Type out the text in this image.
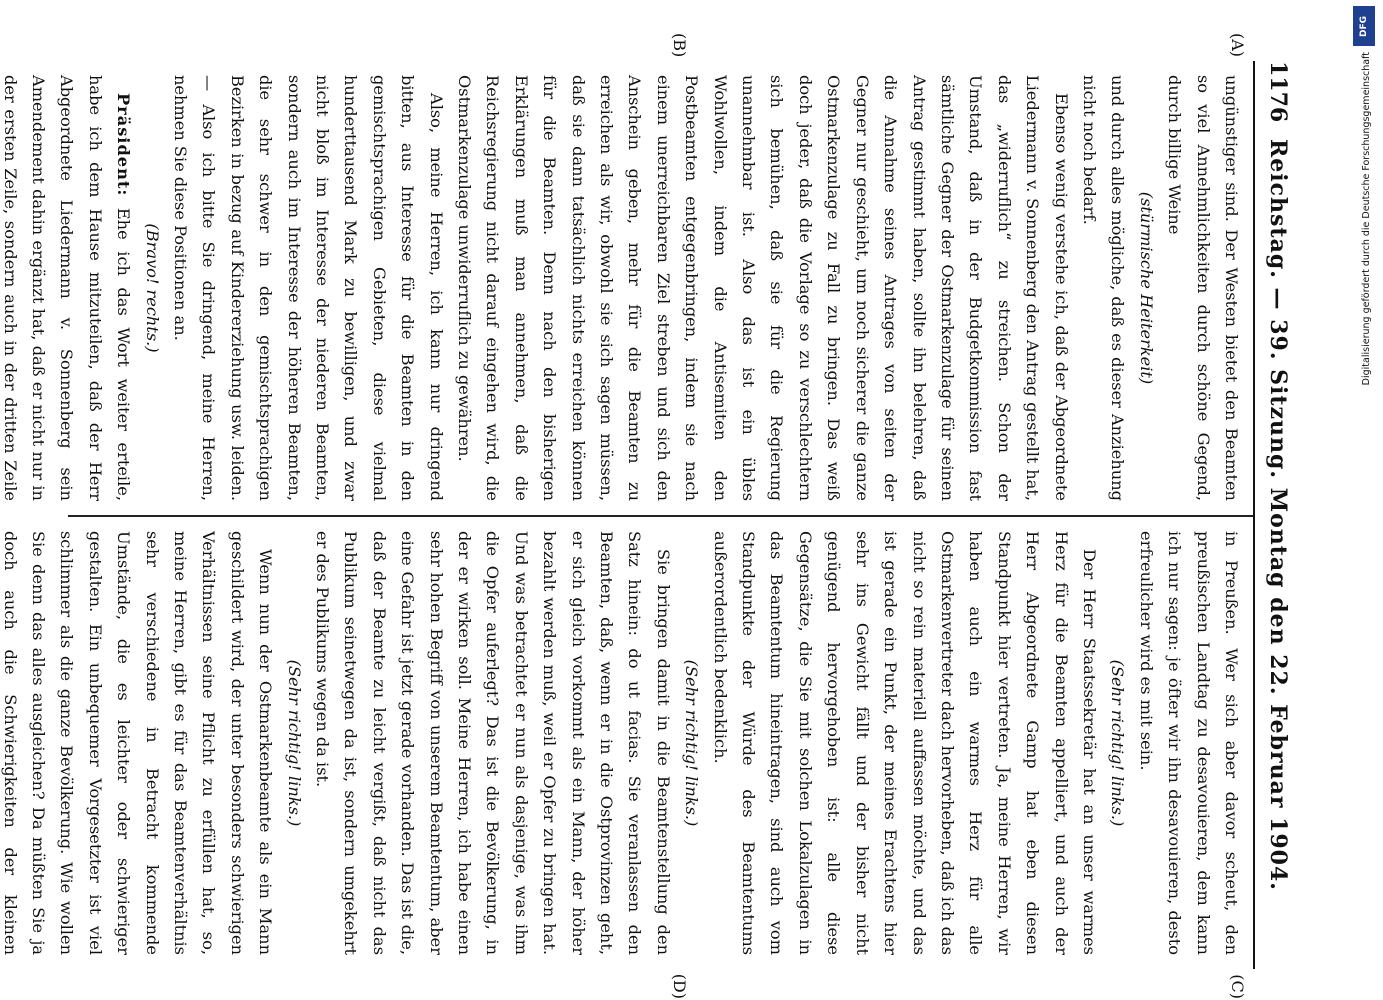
1176
Reichstag. — 39. Sitzung. Montag den 22. Februar 1904.
(A)
(B)

ungünstiger sind. Der Westen bietet den Beamten so viel Annehmlichkeiten durch schöne Gegend, durch billige Weine

(stürmische Heiterkeit)

und durch alles mögliche, daß es dieser Anziehung nicht noch bedarf.

Ebenso wenig verstehe ich, daß der Abgeordnete Liedermann v. Sonnenberg den Antrag gestellt hat, das „widerruflich“ zu streichen. Schon der Umstand, daß in der Budgetkommission fast sämtliche Gegner der Ostmarkenzulage für seinen Antrag gestimmt haben, sollte ihn belehren, daß die Annahme seines Antrages von seiten der Gegner nur geschieht, um noch sicherer die ganze Ostmarkenzulage zu Fall zu bringen. Das weiß doch jeder, daß die Vorlage so zu verschlechtern sich bemühen, daß sie für die Regierung unannehmbar ist. Also das ist ein übles Wohlwollen, indem die Antisemiten den Postbeamten entgegenbringen, indem sie nach einem unerreichbaren Ziel streben und sich den Anschein geben, mehr für die Beamten zu erreichen als wir, obwohl sie sich sagen müssen, daß sie dann tatsächlich nichts erreichen können für die Beamten. Denn nach den bisherigen Erklärungen muß man annehmen, daß die Reichsregierung nicht darauf eingehen wird, die Ostmarkenzulage unwiderruflich zu gewähren.

Also, meine Herren, ich kann nur dringend bitten, aus Interesse für die Beamten in den gemischtsprachigen Gebieten, diese vielmal hunderttausend Mark zu bewilligen, und zwar nicht bloß im Interesse der niederen Beamten, sondern auch im Interesse der höheren Beamten, die sehr schwer in den gemischtsprachigen Bezirken in bezug auf Kindererziehung usw. leiden. — Also ich bitte Sie dringend, meine Herren, nehmen Sie diese Positionen an.

(Bravo! rechts.)

Präsident: Ehe ich das Wort weiter erteile, habe ich dem Hause mitzuteilen, daß der Herr Abgeordnete Liedermann v. Sonnenberg sein Amendement dahin ergänzt hat, daß er nicht nur in der ersten Zeile, sondern auch in der dritten Zeile

(C)
(D)

in Preußen. Wer sich aber davor scheut, den preußischen Landtag zu desavouieren, dem kann ich nur sagen: je öfter wir ihn desavouieren, desto erfreulicher wird es mit sein.

(Sehr richtig! links.)

Der Herr Staatssekretär hat an unser warmes Herz für die Beamten appelliert, und auch der Herr Abgeordnete Gamp hat eben diesen Standpunkt hier vertreten. Ja, meine Herren, wir haben auch ein warmes Herz für alle Ostmarkenvertreter dach hervorheben, daß ich das nicht so rein materiell auffassen möchte, und das ist gerade ein Punkt, der meines Erachtens hier sehr ins Gewicht fällt und der bisher nicht genügend hervorgehoben ist: alle diese Gegensätze, die Sie mit solchen Lokalzulagen in das Beamtentum hineintragen, sind auch vom Standpunkte der Würde des Beamtentums außerordentlich bedenklich.

(Sehr richtig! links.)

Sie bringen damit in die Beamtenstellung den Satz hinein: do ut facias. Sie veranlassen den Beamten, daß, wenn er in die Ostprovinzen geht, er sich gleich vorkommt als ein Mann, der höher bezahlt werden muß, weil er Opfer zu bringen hat. Und was betrachtet er nun als dasjenige, was ihm die Opfer auferlegt? Das ist die Bevölkerung, in der er wirken soll. Meine Herren, ich habe einen sehr hohen Begriff von unserem Beamtentum, aber eine Gefahr ist jetzt gerade vorhanden. Das ist die, daß der Beamte zu leicht vergißt, daß nicht das Publikum seinetwegen da ist, sondern umgekehrt er des Publikums wegen da ist.

(Sehr richtig! links.)

Wenn nun der Ostmarkenbeamte als ein Mann geschildert wird, der unter besonders schwierigen Verhältnissen seine Pflicht zu erfüllen hat, so, meine Herren, gibt es für das Beamtenverhältnis sehr verschiedene in Betracht kommende Umstände, die es leichter oder schwieriger gestalten. Ein unbequemer Vorgesetzter ist viel schlimmer als die ganze Bevölkerung. Wie wollen Sie denn das alles ausgleichen? Da müßten Sie ja doch auch die Schwierigkeiten der kleinen

DFG
Digitalisierung gefördert durch die Deutsche Forschungsgemeinschaft
